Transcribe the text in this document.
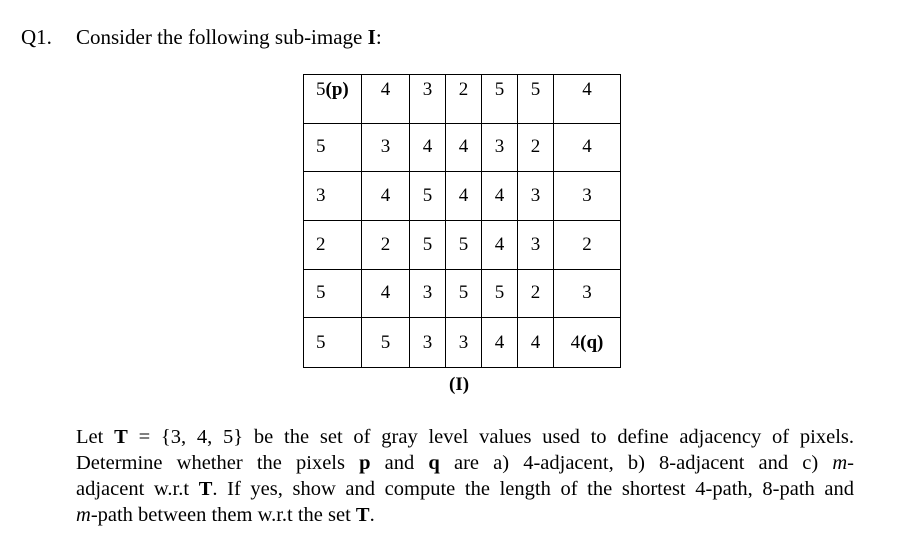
Q1. Consider the following sub-image I:
5 (p)	4	3	2	5	5	4
5	3	4	4	3	2	4
3	4	5	4	4	3	3
2	2	5	5	4	3	2
5	4	3	5	5	2	3
5	5	3	3	4	4	4 (q)
(I)
Let T = {3, 4, 5} be the set of gray level values used to define adjacency of pixels.
Determine whether the pixels p and q are a) 4-adjacent, b) 8-adjacent and c) m-
adjacent w.r.t T. If yes, show and compute the length of the shortest 4-path, 8-path and
m-path between them w.r.t the set T.
